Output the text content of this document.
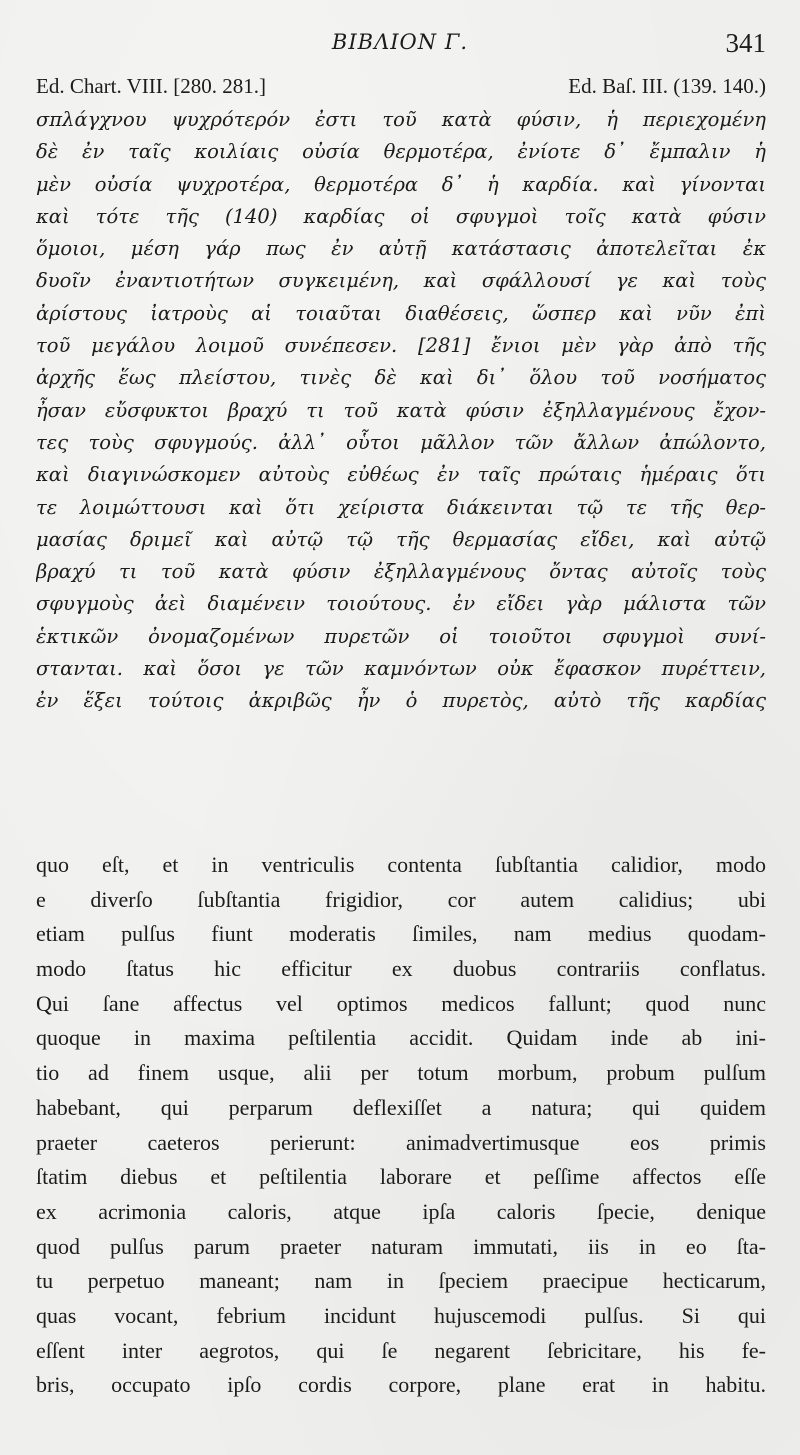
ΒΙΒΛΙΟΝ Γ.	341
Ed. Chart. VIII. [280. 281.]	Ed. Baſ. III. (139. 140.)
σπλάγχνου ψυχρότερόν ἐστι τοῦ κατὰ φύσιν, ἡ περιεχομένη
δὲ ἐν ταῖς κοιλίαις οὐσία θερμοτέρα, ἐνίοτε δ᾽ ἔμπαλιν ἡ
μὲν οὐσία ψυχροτέρα, θερμοτέρα δ᾽ ἡ καρδία. καὶ γίνονται
καὶ τότε τῆς (140) καρδίας οἱ σφυγμοὶ τοῖς κατὰ φύσιν
ὅμοιοι, μέση γάρ πως ἐν αὐτῇ κατάστασις ἀποτελεῖται ἐκ
δυοῖν ἐναντιοτήτων συγκειμένη, καὶ σφάλλουσί γε καὶ τοὺς
ἀρίστους ἰατροὺς αἱ τοιαῦται διαθέσεις, ὥσπερ καὶ νῦν ἐπὶ
τοῦ μεγάλου λοιμοῦ συνέπεσεν. [281] ἔνιοι μὲν γὰρ ἀπὸ τῆς
ἀρχῆς ἕως πλείστου, τινὲς δὲ καὶ δι᾽ ὅλου τοῦ νοσήματος
ἦσαν εὔσφυκτοι βραχύ τι τοῦ κατὰ φύσιν ἐξηλλαγμένους ἔχον-
τες τοὺς σφυγμούς. ἀλλ᾽ οὗτοι μᾶλλον τῶν ἄλλων ἀπώλοντο,
καὶ διαγινώσκομεν αὐτοὺς εὐθέως ἐν ταῖς πρώταις ἡμέραις ὅτι
τε λοιμώττουσι καὶ ὅτι χείριστα διάκεινται τῷ τε τῆς θερ-
μασίας δριμεῖ καὶ αὐτῷ τῷ τῆς θερμασίας εἴδει, καὶ αὐτῷ
βραχύ τι τοῦ κατὰ φύσιν ἐξηλλαγμένους ὄντας αὐτοῖς τοὺς
σφυγμοὺς ἀεὶ διαμένειν τοιούτους. ἐν εἴδει γὰρ μάλιστα τῶν
ἑκτικῶν ὀνομαζομένων πυρετῶν οἱ τοιοῦτοι σφυγμοὶ συνί-
στανται. καὶ ὅσοι γε τῶν καμνόντων οὐκ ἔφασκον πυρέττειν,
ἐν ἕξει τούτοις ἀκριβῶς ἦν ὁ πυρετὸς, αὐτὸ τῆς καρδίας
quo eſt, et in ventriculis contenta ſubſtantia calidior, modo
e diverſo ſubſtantia frigidior, cor autem calidius; ubi
etiam pulſus fiunt moderatis ſimiles, nam medius quodam-
modo ſtatus hic efficitur ex duobus contrariis conflatus.
Qui ſane affectus vel optimos medicos fallunt; quod nunc
quoque in maxima peſtilentia accidit. Quidam inde ab ini-
tio ad finem usque, alii per totum morbum, probum pulſum
habebant, qui perparum deflexiſſet a natura; qui quidem
praeter caeteros perierunt: animadvertimusque eos primis
ſtatim diebus et peſtilentia laborare et peſſime affectos eſſe
ex acrimonia caloris, atque ipſa caloris ſpecie, denique
quod pulſus parum praeter naturam immutati, iis in eo ſta-
tu perpetuo maneant; nam in ſpeciem praecipue hecticarum,
quas vocant, febrium incidunt hujuscemodi pulſus. Si qui
eſſent inter aegrotos, qui ſe negarent ſebricitare, his fe-
bris, occupato ipſo cordis corpore, plane erat in habitu.
